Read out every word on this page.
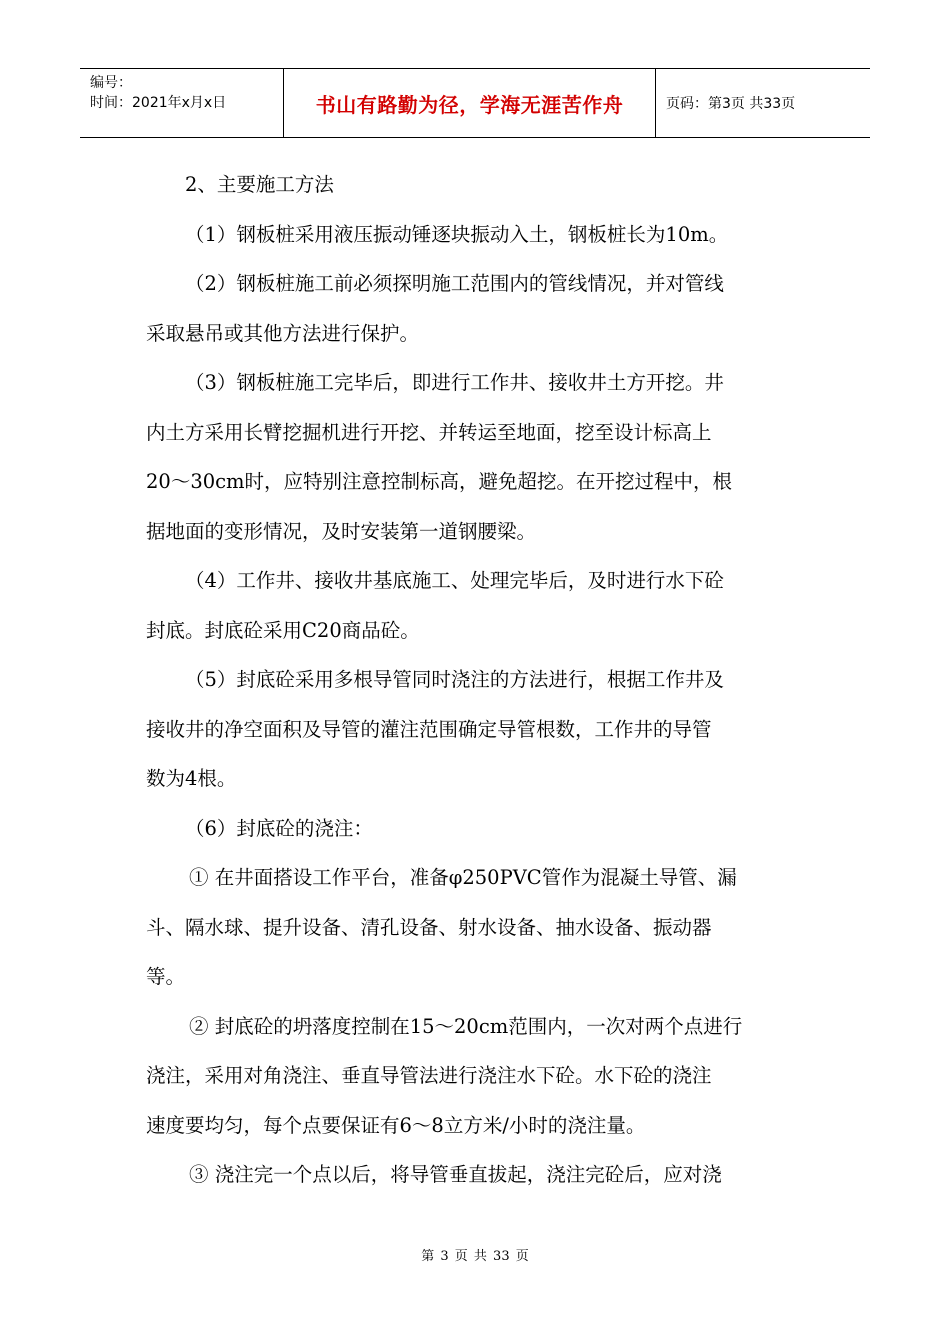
编号：
时间：2021年x月x日	书山有路勤为径，学海无涯苦作舟	页码：第3页 共33页
2、主要施工方法
（1）钢板桩采用液压振动锤逐块振动入土，钢板桩长为10m。
（2）钢板桩施工前必须探明施工范围内的管线情况，并对管线
采取悬吊或其他方法进行保护。
（3）钢板桩施工完毕后，即进行工作井、接收井土方开挖。井
内土方采用长臂挖掘机进行开挖、并转运至地面，挖至设计标高上
20～30cm时，应特别注意控制标高，避免超挖。在开挖过程中，根
据地面的变形情况，及时安装第一道钢腰梁。
（4）工作井、接收井基底施工、处理完毕后，及时进行水下砼
封底。封底砼采用C20商品砼。
（5）封底砼采用多根导管同时浇注的方法进行，根据工作井及
接收井的净空面积及导管的灌注范围确定导管根数，工作井的导管
数为4根。
（6）封底砼的浇注：
① 在井面搭设工作平台，准备φ250PVC管作为混凝土导管、漏
斗、隔水球、提升设备、清孔设备、射水设备、抽水设备、振动器
等。
② 封底砼的坍落度控制在15～20cm范围内，一次对两个点进行
浇注，采用对角浇注、垂直导管法进行浇注水下砼。水下砼的浇注
速度要均匀，每个点要保证有6～8立方米/小时的浇注量。
③ 浇注完一个点以后，将导管垂直拔起，浇注完砼后，应对浇
第 3 页 共 33 页
